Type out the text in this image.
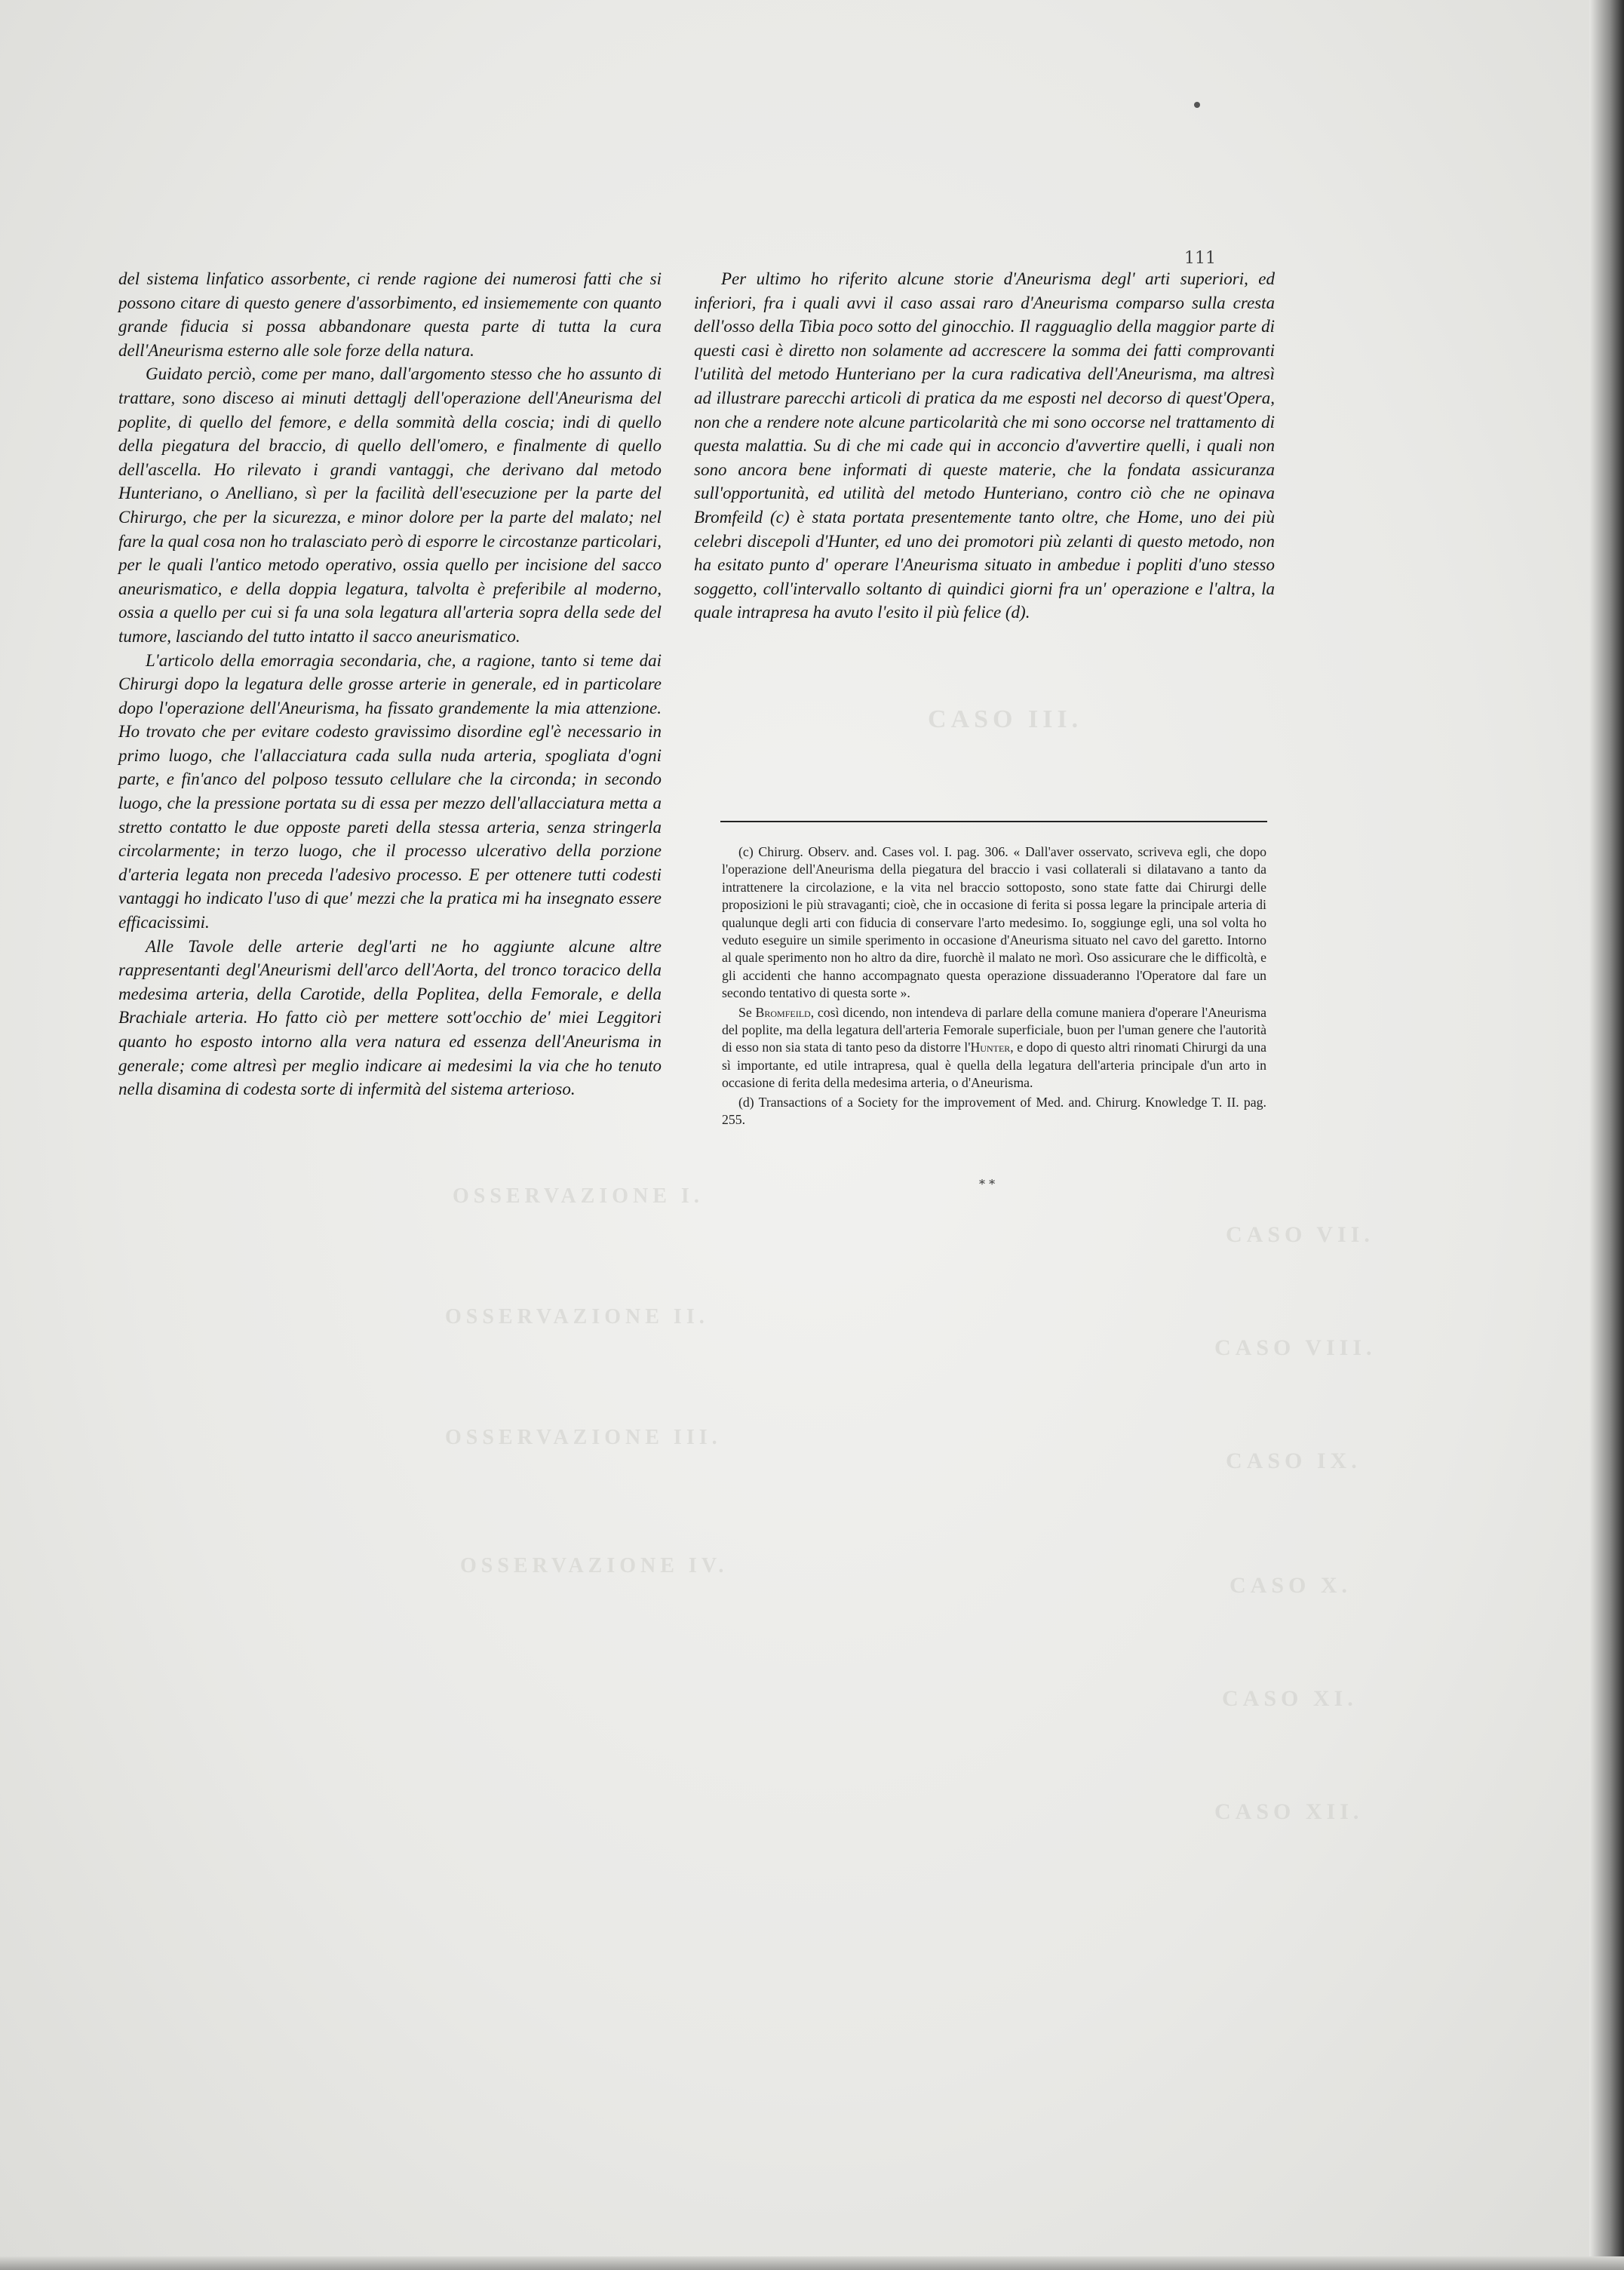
CASO III.
CASO VII.
CASO VIII.
CASO IX.
CASO X.
CASO XI.
CASO XII.
OSSERVAZIONE I.
OSSERVAZIONE II.
OSSERVAZIONE III.
OSSERVAZIONE IV.
111

del sistema linfatico assorbente, ci rende ragione dei numerosi fatti che si possono citare di questo genere d'assorbimento, ed insiememente con quanto grande fiducia si possa abbandonare questa parte di tutta la cura dell'Aneurisma esterno alle sole forze della natura.

Guidato perciò, come per mano, dall'argomento stesso che ho assunto di trattare, sono disceso ai minuti dettaglj dell'operazione dell'Aneurisma del poplite, di quello del femore, e della sommità della coscia; indi di quello della piegatura del braccio, di quello dell'omero, e finalmente di quello dell'ascella. Ho rilevato i grandi vantaggi, che derivano dal metodo Hunteriano, o Anelliano, sì per la facilità dell'esecuzione per la parte del Chirurgo, che per la sicurezza, e minor dolore per la parte del malato; nel fare la qual cosa non ho tralasciato però di esporre le circostanze particolari, per le quali l'antico metodo operativo, ossia quello per incisione del sacco aneurismatico, e della doppia legatura, talvolta è preferibile al moderno, ossia a quello per cui si fa una sola legatura all'arteria sopra della sede del tumore, lasciando del tutto intatto il sacco aneurismatico.

L'articolo della emorragia secondaria, che, a ragione, tanto si teme dai Chirurgi dopo la legatura delle grosse arterie in generale, ed in particolare dopo l'operazione dell'Aneurisma, ha fissato grandemente la mia attenzione. Ho trovato che per evitare codesto gravissimo disordine egl'è necessario in primo luogo, che l'allacciatura cada sulla nuda arteria, spogliata d'ogni parte, e fin'anco del polposo tessuto cellulare che la circonda; in secondo luogo, che la pressione portata su di essa per mezzo dell'allacciatura metta a stretto contatto le due opposte pareti della stessa arteria, senza stringerla circolarmente; in terzo luogo, che il processo ulcerativo della porzione d'arteria legata non preceda l'adesivo processo. E per ottenere tutti codesti vantaggi ho indicato l'uso di que' mezzi che la pratica mi ha insegnato essere efficacissimi.

Alle Tavole delle arterie degl'arti ne ho aggiunte alcune altre rappresentanti degl'Aneurismi dell'arco dell'Aorta, del tronco toracico della medesima arteria, della Carotide, della Poplitea, della Femorale, e della Brachiale arteria. Ho fatto ciò per mettere sott'occhio de' miei Leggitori quanto ho esposto intorno alla vera natura ed essenza dell'Aneurisma in generale; come altresì per meglio indicare ai medesimi la via che ho tenuto nella disamina di codesta sorte di infermità del sistema arterioso.

Per ultimo ho riferito alcune storie d'Aneurisma degl' arti superiori, ed inferiori, fra i quali avvi il caso assai raro d'Aneurisma comparso sulla cresta dell'osso della Tibia poco sotto del ginocchio. Il ragguaglio della maggior parte di questi casi è diretto non solamente ad accrescere la somma dei fatti comprovanti l'utilità del metodo Hunteriano per la cura radicativa dell'Aneurisma, ma altresì ad illustrare parecchi articoli di pratica da me esposti nel decorso di quest'Opera, non che a rendere note alcune particolarità che mi sono occorse nel trattamento di questa malattia. Su di che mi cade qui in acconcio d'avvertire quelli, i quali non sono ancora bene informati di queste materie, che la fondata assicuranza sull'opportunità, ed utilità del metodo Hunteriano, contro ciò che ne opinava Bromfeild (c) è stata portata presentemente tanto oltre, che Home, uno dei più celebri discepoli d'Hunter, ed uno dei promotori più zelanti di questo metodo, non ha esitato punto d' operare l'Aneurisma situato in ambedue i popliti d'uno stesso soggetto, coll'intervallo soltanto di quindici giorni fra un' operazione e l'altra, la quale intrapresa ha avuto l'esito il più felice (d).

(c) Chirurg. Observ. and. Cases vol. I. pag. 306. « Dall'aver osservato, scriveva egli, che dopo l'operazione dell'Aneurisma della piegatura del braccio i vasi collaterali si dilatavano a tanto da intrattenere la circolazione, e la vita nel braccio sottoposto, sono state fatte dai Chirurgi delle proposizioni le più stravaganti; cioè, che in occasione di ferita si possa legare la principale arteria di qualunque degli arti con fiducia di conservare l'arto medesimo. Io, soggiunge egli, una sol volta ho veduto eseguire un simile sperimento in occasione d'Aneurisma situato nel cavo del garetto. Intorno al quale sperimento non ho altro da dire, fuorchè il malato ne morì. Oso assicurare che le difficoltà, e gli accidenti che hanno accompagnato questa operazione dissuaderanno l'Operatore dal fare un secondo tentativo di questa sorte ».

Se Bromfeild, così dicendo, non intendeva di parlare della comune maniera d'operare l'Aneurisma del poplite, ma della legatura dell'arteria Femorale superficiale, buon per l'uman genere che l'autorità di esso non sia stata di tanto peso da distorre l'Hunter, e dopo di questo altri rinomati Chirurgi da una sì importante, ed utile intrapresa, qual è quella della legatura dell'arteria principale d'un arto in occasione di ferita della medesima arteria, o d'Aneurisma.

(d) Transactions of a Society for the improvement of Med. and. Chirurg. Knowledge T. II. pag. 255.

* *
